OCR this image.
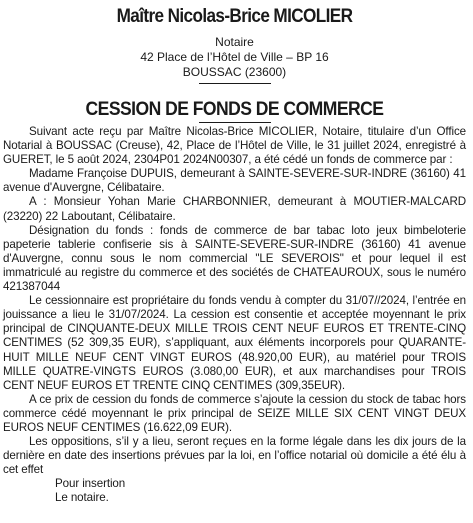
Maître Nicolas-Brice MICOLIER
Notaire
42 Place de l’Hôtel de Ville – BP 16
BOUSSAC (23600)
CESSION DE FONDS DE COMMERCE

Suivant acte reçu par Maître Nicolas-Brice MICOLIER, Notaire, titulaire d’un Office Notarial à BOUSSAC (Creuse), 42, Place de l’Hôtel de Ville, le 31 juillet 2024, enregistré à GUERET, le 5 août 2024, 2304P01 2024N00307, a été cédé un fonds de commerce par :

Madame Françoise DUPUIS, demeurant à SAINTE-SEVERE-SUR-INDRE (36160) 41 avenue d'Auvergne, Célibataire.

A : Monsieur Yohan Marie CHARBONNIER, demeurant à MOUTIER-MALCARD (23220) 22 Laboutant, Célibataire.

Désignation du fonds : fonds de commerce de bar tabac loto jeux bimbeloterie papeterie tablerie confiserie sis à SAINTE-SEVERE-SUR-INDRE (36160) 41 avenue d'Auvergne, connu sous le nom commercial "LE SEVEROIS" et pour lequel il est immatriculé au registre du commerce et des sociétés de CHATEAUROUX, sous le numéro 421387044

Le cessionnaire est propriétaire du fonds vendu à compter du 31/07//2024, l’entrée en jouissance a lieu le 31/07/2024. La cession est consentie et acceptée moyennant le prix principal de CINQUANTE-DEUX MILLE TROIS CENT NEUF EUROS ET TRENTE-CINQ CENTIMES (52 309,35 EUR), s’appliquant, aux éléments incorporels pour QUARANTE-HUIT MILLE NEUF CENT VINGT EUROS (48.920,00 EUR), au matériel pour TROIS MILLE QUATRE-VINGTS EUROS (3.080,00 EUR), et aux marchandises pour TROIS CENT NEUF EUROS ET TRENTE CINQ CENTIMES (309,35EUR).

A ce prix de cession du fonds de commerce s’ajoute la cession du stock de tabac hors commerce cédé moyennant le prix principal de SEIZE MILLE SIX CENT VINGT DEUX EUROS NEUF CENTIMES (16.622,09 EUR).

Les oppositions, s’il y a lieu, seront reçues en la forme légale dans les dix jours de la dernière en date des insertions prévues par la loi, en l’office notarial où domicile a été élu à cet effet

Pour insertion

Le notaire.
